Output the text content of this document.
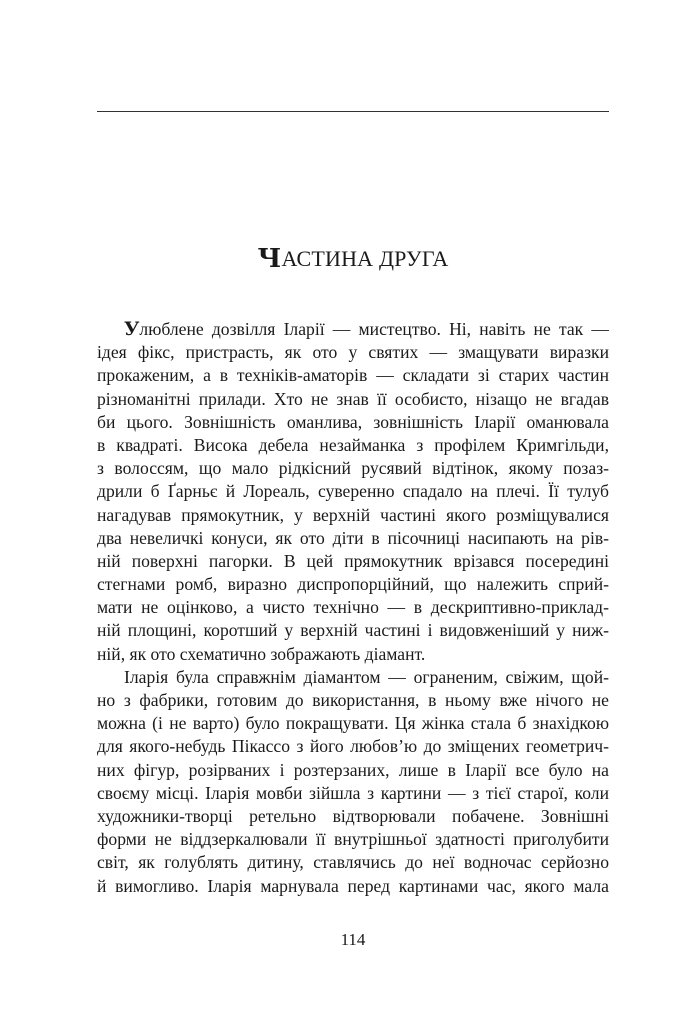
ЧАСТИНА ДРУГА
Улюблене дозвілля Іларії — мистецтво. Ні, навіть не так —
ідея фікс, пристрасть, як ото у святих — змащувати виразки
прокаженим, а в техніків-аматорів — складати зі старих частин
різноманітні прилади. Хто не знав її особисто, нізащо не вгадав
би цього. Зовнішність оманлива, зовнішність Іларії оманювала
в квадраті. Висока дебела незайманка з профілем Кримгільди,
з волоссям, що мало рідкісний русявий відтінок, якому позаз-
дрили б Ґарньє й Лореаль, суверенно спадало на плечі. Її тулуб
нагадував прямокутник, у верхній частині якого розміщувалися
два невеличкі конуси, як ото діти в пісочниці насипають на рів-
ній поверхні пагорки. В цей прямокутник врізався посередині
стегнами ромб, виразно диспропорційний, що належить сприй-
мати не оцінково, а чисто технічно — в дескриптивно-приклад-
ній площині, коротший у верхній частині і видовженіший у ниж-
ній, як ото схематично зображають діамант.
Іларія була справжнім діамантом — ограненим, свіжим, щой-
но з фабрики, готовим до використання, в ньому вже нічого не
можна (і не варто) було покращувати. Ця жінка стала б знахідкою
для якого-небудь Пікассо з його любов’ю до зміщених геометрич-
них фігур, розірваних і розтерзаних, лише в Іларії все було на
своєму місці. Іларія мовби зійшла з картини — з тієї старої, коли
художники-творці ретельно відтворювали побачене. Зовнішні
форми не віддзеркалювали її внутрішньої здатності приголубити
світ, як голублять дитину, ставлячись до неї водночас серйозно
й вимогливо. Іларія марнувала перед картинами час, якого мала
114
